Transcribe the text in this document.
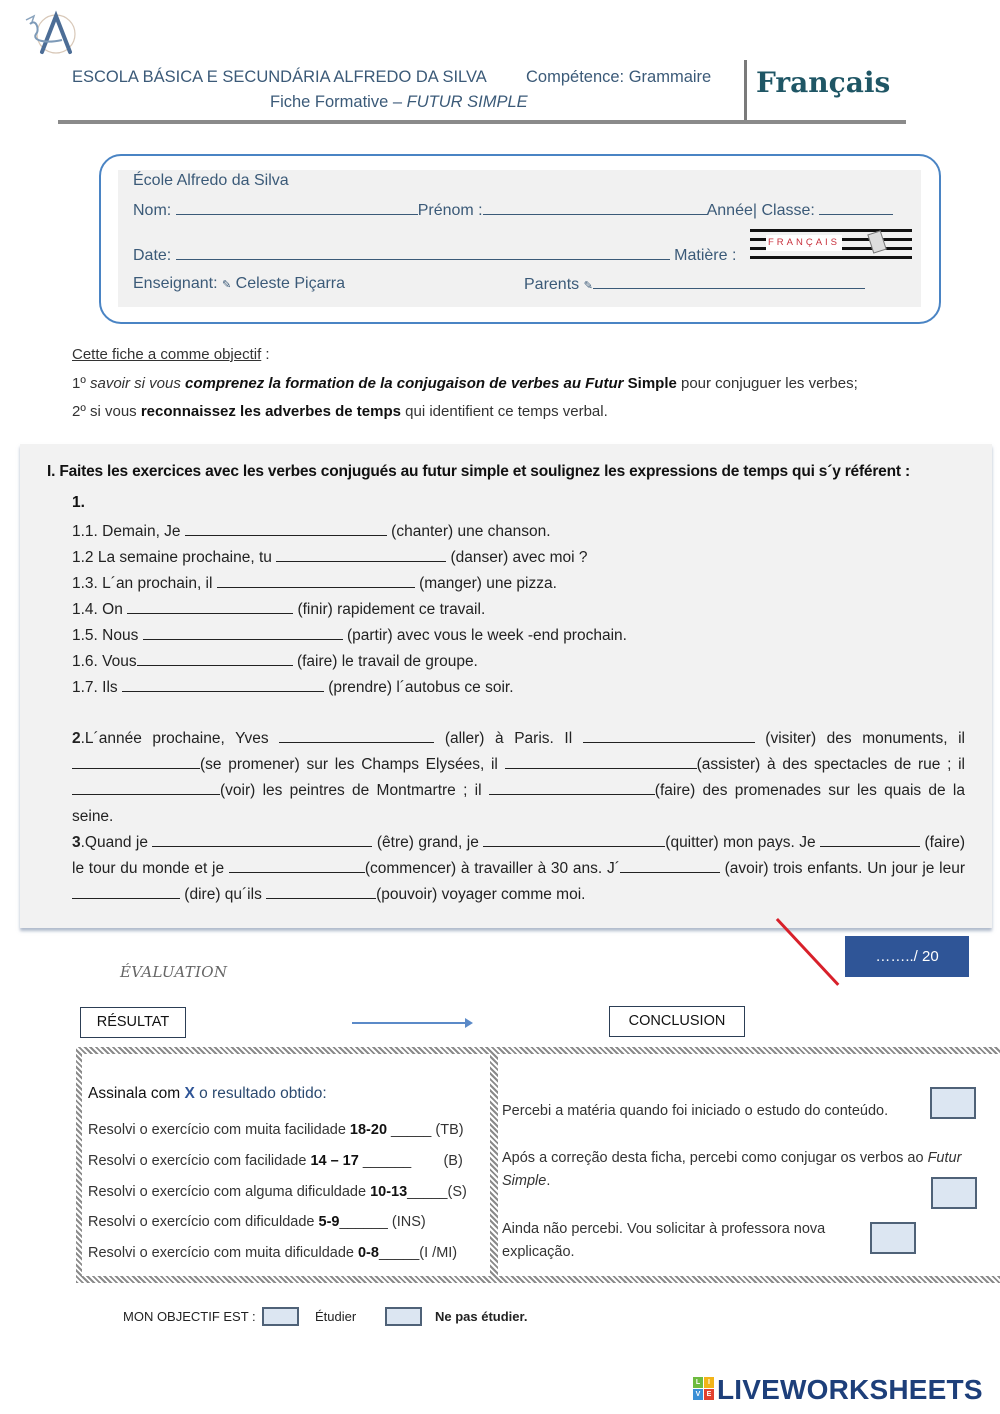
ESCOLA BÁSICA E SECUNDÁRIA ALFREDO DA SILVA Compétence: Grammaire
Fiche Formative – FUTUR SIMPLE
Français
École Alfredo da Silva
Nom:	Prénom :	Année| Classe:
Date:	Matière :
FRANÇAIS
Enseignant: ✎ Celeste Piçarra	Parents ✎
Cette fiche a comme objectif :
1º savoir si vous comprenez la formation de la conjugaison de verbes au Futur Simple pour conjuguer les verbes;
2º si vous reconnaissez les adverbes de temps qui identifient ce temps verbal.
I. Faites les exercices avec les verbes conjugués au futur simple et soulignez les expressions de temps qui s´y référent :
1.
1.1. Demain, Je	(chanter) une chanson.
1.2 La semaine prochaine, tu	(danser) avec moi ?
1.3. L´an prochain, il	(manger) une pizza.
1.4. On	(finir) rapidement ce travail.
1.5. Nous	(partir) avec vous le week -end prochain.
1.6. Vous	(faire) le travail de groupe.
1.7. Ils	(prendre) l´autobus ce soir.
2.L´année prochaine, Yves	(aller) à Paris. Il	(visiter) des monuments, il (se promener) sur les Champs Elysées, il	(assister) à des spectacles de rue ; il (voir) les peintres de Montmartre ; il	(faire) des promenades sur les quais de la seine.
3.Quand je	(être) grand, je	(quitter) mon pays. Je	(faire) le tour du monde et je	(commencer) à travailler à 30 ans. J´	(avoir) trois enfants. Un jour je leur  (dire) qu´ils	(pouvoir) voyager comme moi.
……../ 20
ÉVALUATION
RÉSULTAT	CONCLUSION
Assinala com X o resultado obtido:
Resolvi o exercício com muita facilidade 18-20 _____ (TB)
Resolvi o exercício com facilidade 14 – 17 ______        (B)
Resolvi o exercício com alguma dificuldade 10-13_____(S)
Resolvi o exercício com dificuldade 5-9______ (INS)
Resolvi o exercício com muita dificuldade 0-8_____(I /MI)
Percebi a matéria quando foi iniciado o estudo do conteúdo.
Após a correção desta ficha, percebi como conjugar os verbos ao Futur Simple.
Ainda não percebi. Vou solicitar à professora nova explicação.
MON OBJECTIF EST :	Étudier	Ne pas étudier.
L	I
V E LIVEWORKSHEETS
